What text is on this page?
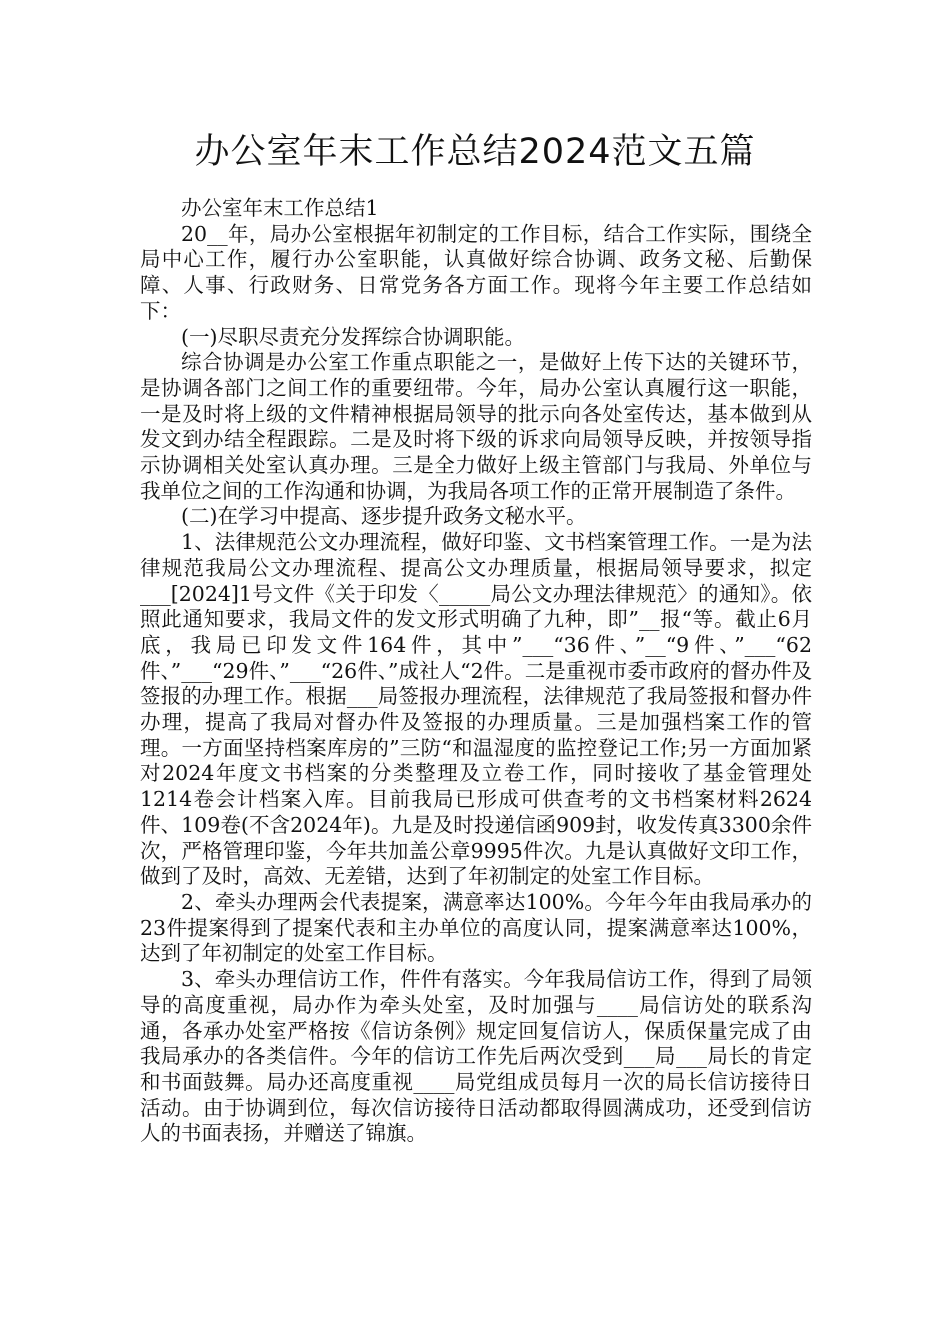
办公室年末工作总结2024范文五篇

办公室年末工作总结1

20__年，局办公室根据年初制定的工作目标，结合工作实际，围绕全局中心工作，履行办公室职能，认真做好综合协调、政务文秘、后勤保障、人事、行政财务、日常党务各方面工作。现将今年主要工作总结如下：

(一)尽职尽责充分发挥综合协调职能。

综合协调是办公室工作重点职能之一，是做好上传下达的关键环节，是协调各部门之间工作的重要纽带。今年，局办公室认真履行这一职能，一是及时将上级的文件精神根据局领导的批示向各处室传达，基本做到从发文到办结全程跟踪。二是及时将下级的诉求向局领导反映，并按领导指示协调相关处室认真办理。三是全力做好上级主管部门与我局、外单位与我单位之间的工作沟通和协调，为我局各项工作的正常开展制造了条件。

(二)在学习中提高、逐步提升政务文秘水平。

1、法律规范公文办理流程，做好印鉴、文书档案管理工作。一是为法律规范我局公文办理流程、提高公文办理质量，根据局领导要求，拟定___[2024]1号文件《关于印发〈_____局公文办理法律规范〉的通知》。依照此通知要求，我局文件的发文形式明确了九种，即”__报“等。截止6月底，我局已印发文件164件，其中”___“36件、”__“9件、”___“62件、”___“29件、”___“26件、”成社人“2件。二是重视市委市政府的督办件及签报的办理工作。根据___局签报办理流程，法律规范了我局签报和督办件办理，提高了我局对督办件及签报的办理质量。三是加强档案工作的管理。一方面坚持档案库房的”三防“和温湿度的监控登记工作;另一方面加紧对2024年度文书档案的分类整理及立卷工作，同时接收了基金管理处1214卷会计档案入库。目前我局已形成可供查考的文书档案材料2624件、109卷(不含2024年)。九是及时投递信函909封，收发传真3300余件次，严格管理印鉴，今年共加盖公章9995件次。九是认真做好文印工作，做到了及时，高效、无差错，达到了年初制定的处室工作目标。

2、牵头办理两会代表提案，满意率达100%。今年今年由我局承办的23件提案得到了提案代表和主办单位的高度认同，提案满意率达100%，达到了年初制定的处室工作目标。

3、牵头办理信访工作，件件有落实。今年我局信访工作，得到了局领导的高度重视，局办作为牵头处室，及时加强与____局信访处的联系沟通，各承办处室严格按《信访条例》规定回复信访人，保质保量完成了由我局承办的各类信件。今年的信访工作先后两次受到___局___局长的肯定和书面鼓舞。局办还高度重视____局党组成员每月一次的局长信访接待日活动。由于协调到位，每次信访接待日活动都取得圆满成功，还受到信访人的书面表扬，并赠送了锦旗。
